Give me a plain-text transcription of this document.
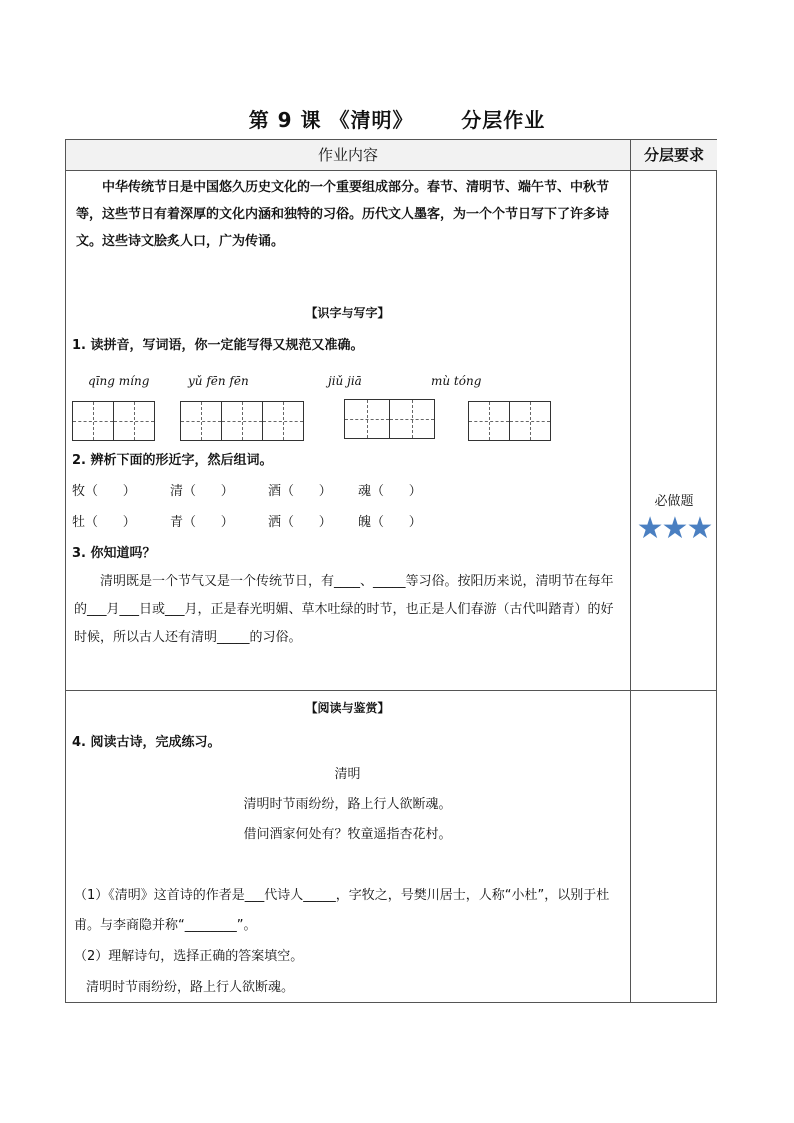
第 9 课 《清明》      分层作业
作业内容	分层要求
中华传统节日是中国悠久历史文化的一个重要组成部分。春节、清明节、端午节、中秋节等，这些节日有着深厚的文化内涵和独特的习俗。历代文人墨客，为一个个节日写下了许多诗文。这些诗文脍炙人口，广为传诵。
【识字与写字】
1. 读拼音，写词语，你一定能写得又规范又准确。
qīng míng	yǔ fēn fēn	jiǔ jiā	mù tóng
2. 辨析下面的形近字，然后组词。
牧（      ）	清（      ）	酒（      ） 魂（      ）
牡（      ）	青（      ）	洒（      ） 魄（      ）
3. 你知道吗？
清明既是一个节气又是一个传统节日，有____、_____等习俗。按阳历来说，清明节在每年的___月___日或___月，正是春光明媚、草木吐绿的时节，也正是人们春游（古代叫踏青）的好时候，所以古人还有清明_____的习俗。
必做题
★★★
【阅读与鉴赏】
4. 阅读古诗，完成练习。
清明
清明时节雨纷纷，路上行人欲断魂。
借问酒家何处有？牧童遥指杏花村。
（1）《清明》这首诗的作者是___代诗人_____，字牧之，号樊川居士，人称“小杜”，以别于杜甫。与李商隐并称“________”。
（2）理解诗句，选择正确的答案填空。
清明时节雨纷纷，路上行人欲断魂。
